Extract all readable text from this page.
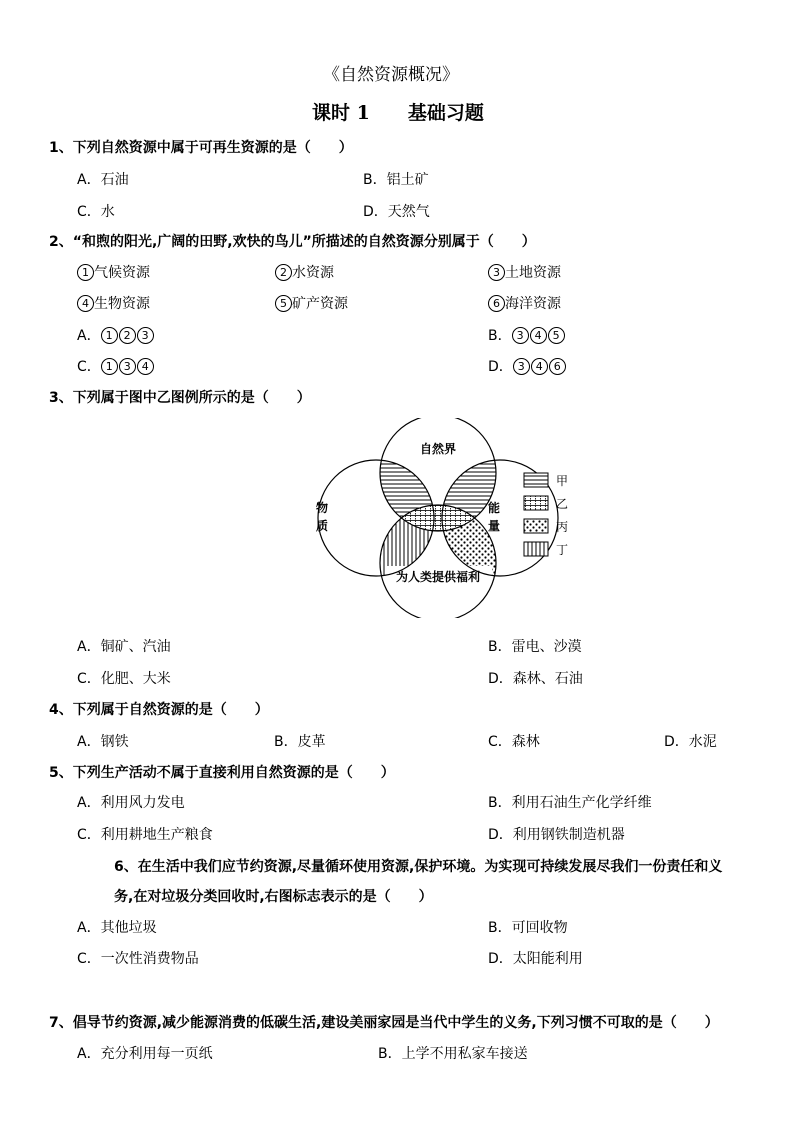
《自然资源概况》
课时 1　　基础习题
1、下列自然资源中属于可再生资源的是（　　）
A．石油	B．铝土矿
C．水	D．天然气
2、“和煦的阳光,广阔的田野,欢快的鸟儿”所描述的自然资源分别属于（　　）
1 气候资源	2 水资源	3 土地资源
4 生物资源	5 矿产资源	6 海洋资源
A． 1 2 3	B． 3 4 5
C． 1 3 4	D． 3 4 6
3、下列属于图中乙图例所示的是（　　）
自然界
物
质
能
量
为人类提供福利
甲
乙
丙
丁
A．铜矿、汽油	B．雷电、沙漠
C．化肥、大米	D．森林、石油
4、下列属于自然资源的是（　　）
A．钢铁	B．皮革	C．森林	D．水泥
5、下列生产活动不属于直接利用自然资源的是（　　）
A．利用风力发电	B．利用石油生产化学纤维
C．利用耕地生产粮食	D．利用钢铁制造机器
6、在生活中我们应节约资源,尽量循环使用资源,保护环境。为实现可持续发展尽我们一份责任和义
务,在对垃圾分类回收时,右图标志表示的是（　　）
A．其他垃圾	B．可回收物
C．一次性消费物品	D．太阳能利用
7、倡导节约资源,减少能源消费的低碳生活,建设美丽家园是当代中学生的义务,下列习惯不可取的是（　　）
A．充分利用每一页纸	B．上学不用私家车接送
